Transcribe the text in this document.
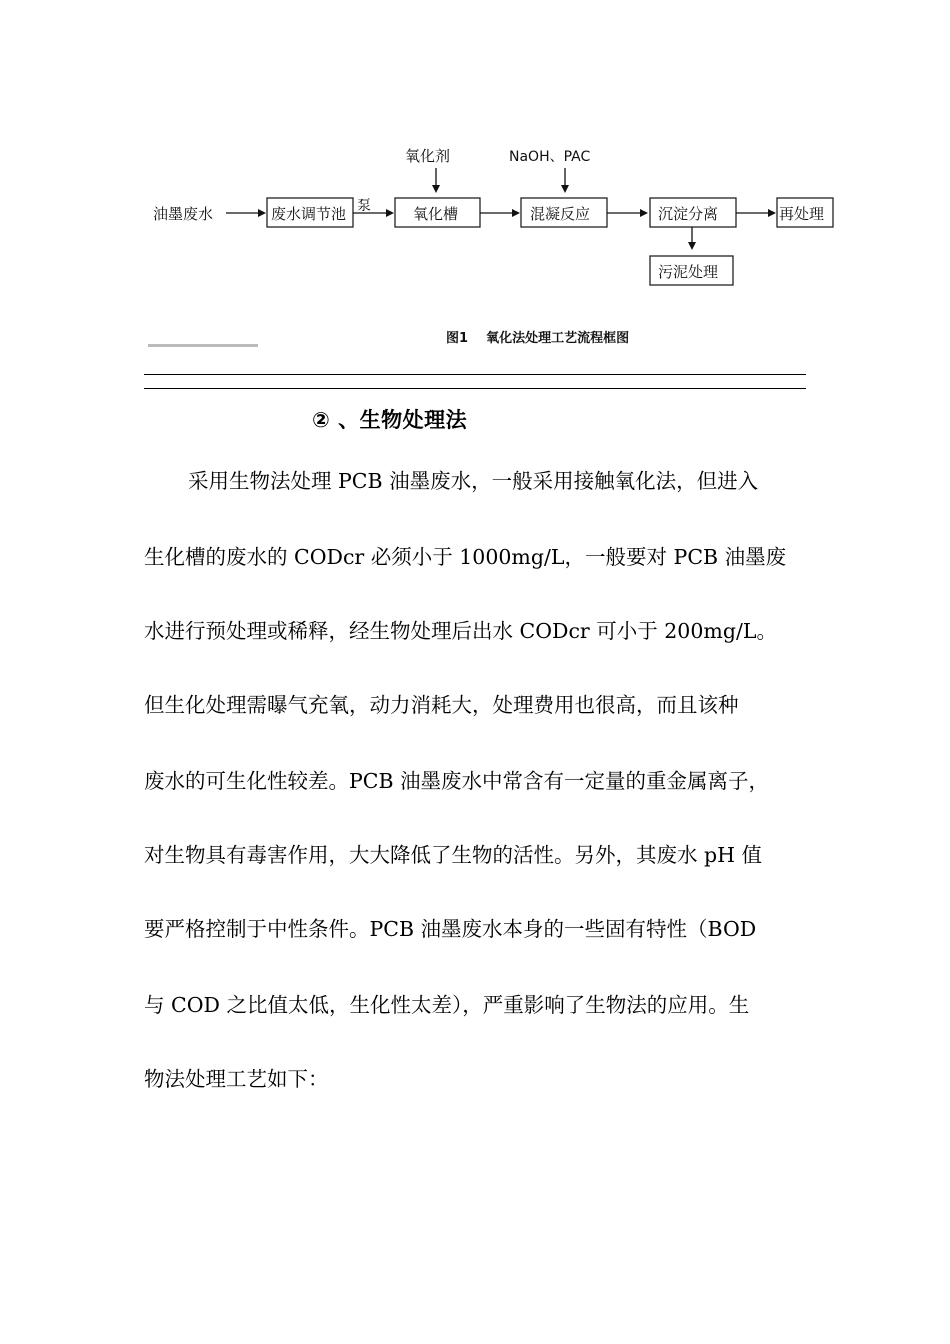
油墨废水	废水调节池 泵
氧化剂
氧化槽
NaOH、PAC
混凝反应	沉淀分离	再处理
污泥处理
图1    氧化法处理工艺流程框图
② 、生物处理法
采用生物法处理 PCB 油墨废水，一般采用接触氧化法，但进入
生化槽的废水的 CODcr 必须小于 1000mg/L，一般要对 PCB 油墨废
水进行预处理或稀释，经生物处理后出水 CODcr 可小于 200mg/L。
但生化处理需曝气充氧，动力消耗大，处理费用也很高，而且该种
废水的可生化性较差。PCB 油墨废水中常含有一定量的重金属离子，
对生物具有毒害作用，大大降低了生物的活性。另外，其废水 pH 值
要严格控制于中性条件。PCB 油墨废水本身的一些固有特性（BOD
与 COD 之比值太低，生化性太差），严重影响了生物法的应用。生
物法处理工艺如下：
